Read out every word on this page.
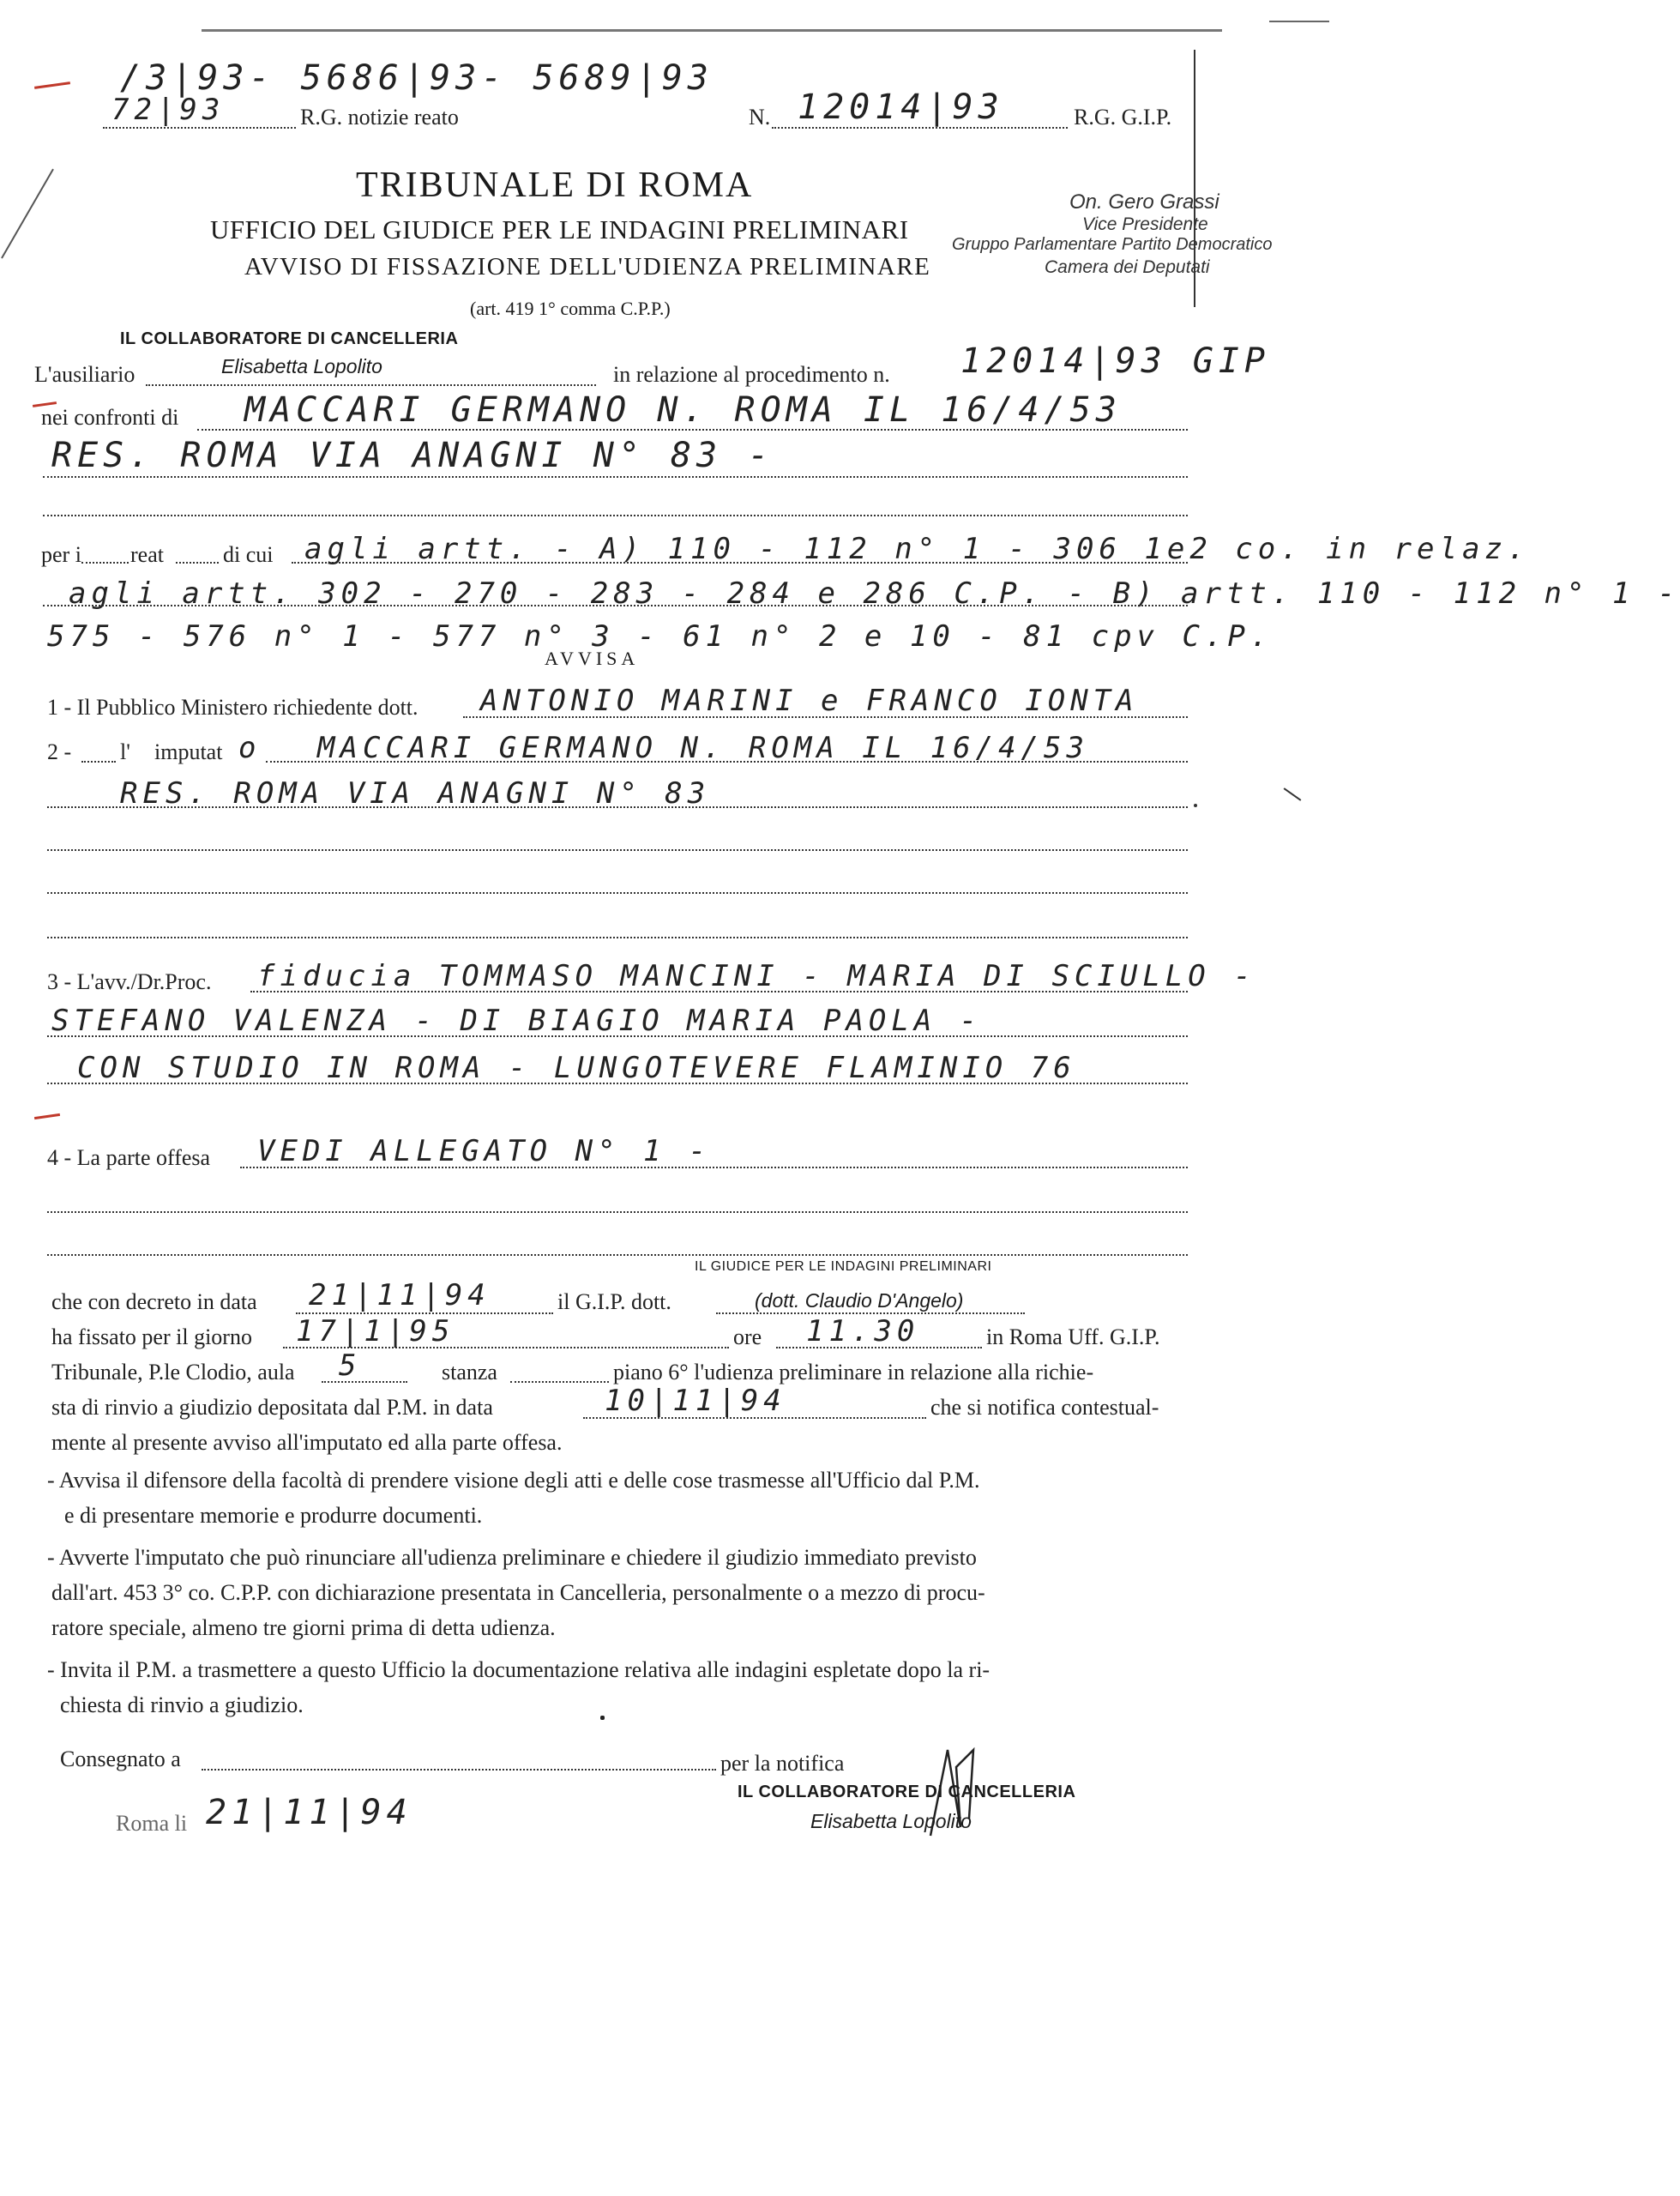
/3|93- 5686|93- 5689|93
72|93	R.G. notizie reato	N. 12014|93	R.G. G.I.P.
TRIBUNALE DI ROMA
UFFICIO DEL GIUDICE PER LE INDAGINI PRELIMINARI
AVVISO DI FISSAZIONE DELL'UDIENZA PRELIMINARE
(art. 419 1° comma C.P.P.)
On. Gero Grassi
Vice Presidente
Gruppo Parlamentare Partito Democratico
Camera dei Deputati
IL COLLABORATORE DI CANCELLERIA
L'ausiliario	Elisabetta Lopolito	in relazione al procedimento n. 12014|93 GIP
nei confronti di MACCARI GERMANO N. ROMA IL 16/4/53
RES. ROMA VIA ANAGNI N° 83 -
per i reat	di cui agli artt. - A) 110 - 112 n° 1 - 306 1e2 co. in relaz.
agli artt. 302 - 270 - 283 - 284 e 286 C.P. - B) artt. 110 - 112 n° 1 -
575 - 576 n° 1 - 577 n° 3 - 61 n° 2 e 10 - 81 cpv C.P.
AVVISA
1 - Il Pubblico Ministero richiedente dott. ANTONIO MARINI e FRANCO IONTA
2 - l' imputat o MACCARI GERMANO N. ROMA IL 16/4/53
RES. ROMA VIA ANAGNI N° 83
3 - L'avv./Dr.Proc. fiducia TOMMASO MANCINI - MARIA DI SCIULLO -
STEFANO VALENZA - DI BIAGIO MARIA PAOLA -
CON STUDIO IN ROMA - LUNGOTEVERE FLAMINIO 76
4 - La parte offesa VEDI ALLEGATO N° 1 -
IL GIUDICE PER LE INDAGINI PRELIMINARI
che con decreto in data 21|11|94	il G.I.P. dott.	(dott. Claudio D'Angelo)
ha fissato per il giorno 17|1|95	ore 11.30	in Roma Uff. G.I.P.
Tribunale, P.le Clodio, aula 5	stanza	piano 6° l'udienza preliminare in relazione alla richie-
sta di rinvio a giudizio depositata dal P.M. in data	10|11|94	che si notifica contestual-
mente al presente avviso all'imputato ed alla parte offesa.
- Avvisa il difensore della facoltà di prendere visione degli atti e delle cose trasmesse all'Ufficio dal P.M.
e di presentare memorie e produrre documenti.
- Avverte l'imputato che può rinunciare all'udienza preliminare e chiedere il giudizio immediato previsto
dall'art. 453 3° co. C.P.P. con dichiarazione presentata in Cancelleria, personalmente o a mezzo di procu-
ratore speciale, almeno tre giorni prima di detta udienza.
- Invita il P.M. a trasmettere a questo Ufficio la documentazione relativa alle indagini espletate dopo la ri-
chiesta di rinvio a giudizio.
Consegnato a	per la notifica
IL COLLABORATORE DI CANCELLERIA
Elisabetta Lopolito
Roma li 21|11|94
